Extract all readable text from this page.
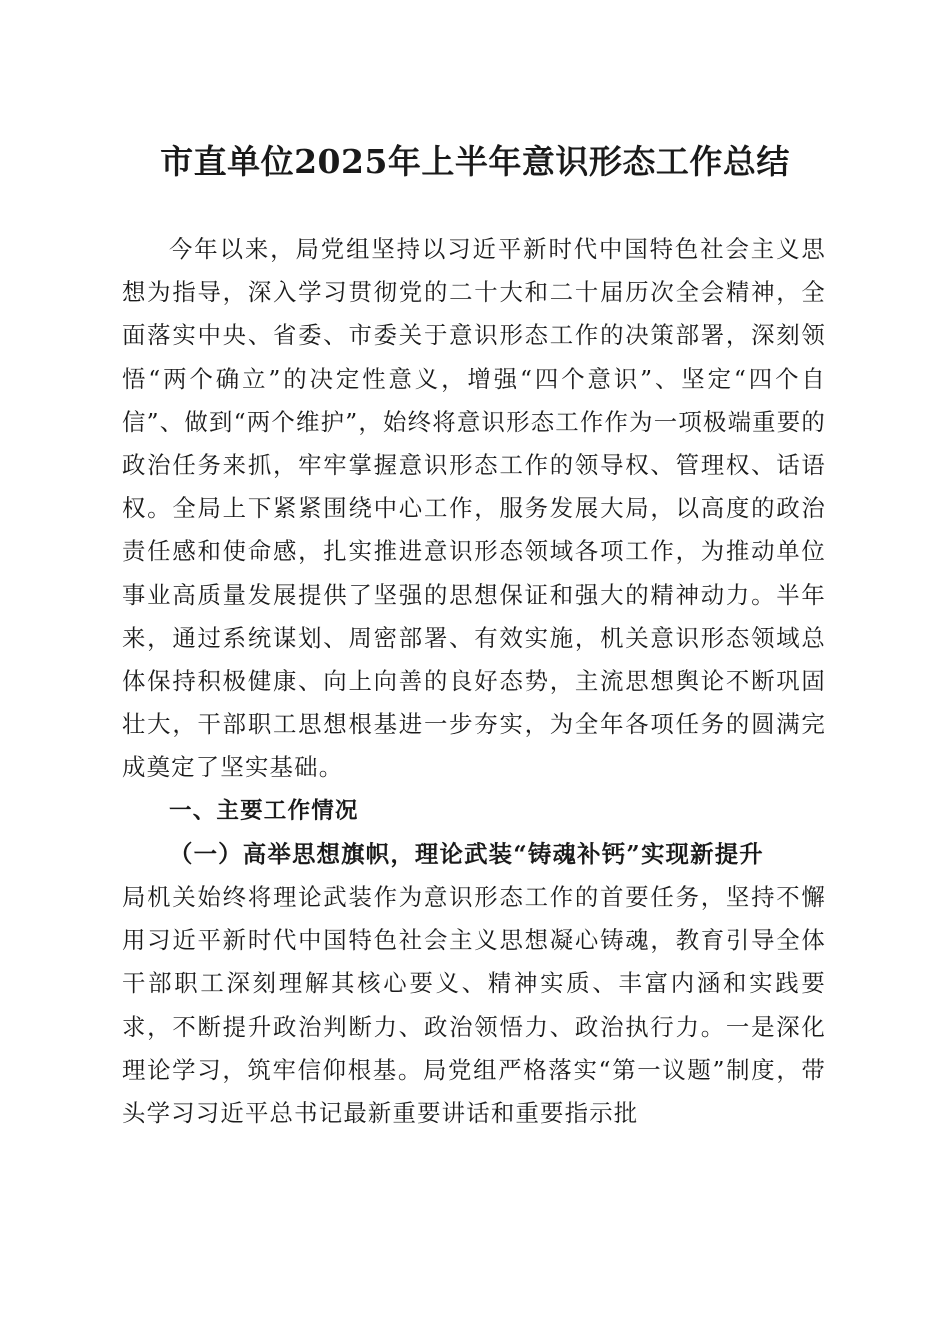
市直单位2025年上半年意识形态工作总结

今年以来，局党组坚持以习近平新时代中国特色社会主义思想为指导，深入学习贯彻党的二十大和二十届历次全会精神，全面落实中央、省委、市委关于意识形态工作的决策部署，深刻领悟“两个确立”的决定性意义，增强“四个意识”、坚定“四个自信”、做到“两个维护”，始终将意识形态工作作为一项极端重要的政治任务来抓，牢牢掌握意识形态工作的领导权、管理权、话语权。全局上下紧紧围绕中心工作，服务发展大局，以高度的政治责任感和使命感，扎实推进意识形态领域各项工作，为推动单位事业高质量发展提供了坚强的思想保证和强大的精神动力。半年来，通过系统谋划、周密部署、有效实施，机关意识形态领域总体保持积极健康、向上向善的良好态势，主流思想舆论不断巩固壮大，干部职工思想根基进一步夯实，为全年各项任务的圆满完成奠定了坚实基础。

一、主要工作情况

（一）高举思想旗帜，理论武装“铸魂补钙”实现新提升

局机关始终将理论武装作为意识形态工作的首要任务，坚持不懈用习近平新时代中国特色社会主义思想凝心铸魂，教育引导全体干部职工深刻理解其核心要义、精神实质、丰富内涵和实践要求，不断提升政治判断力、政治领悟力、政治执行力。一是深化理论学习，筑牢信仰根基。局党组严格落实“第一议题”制度，带头学习习近平总书记最新重要讲话和重要指示批
